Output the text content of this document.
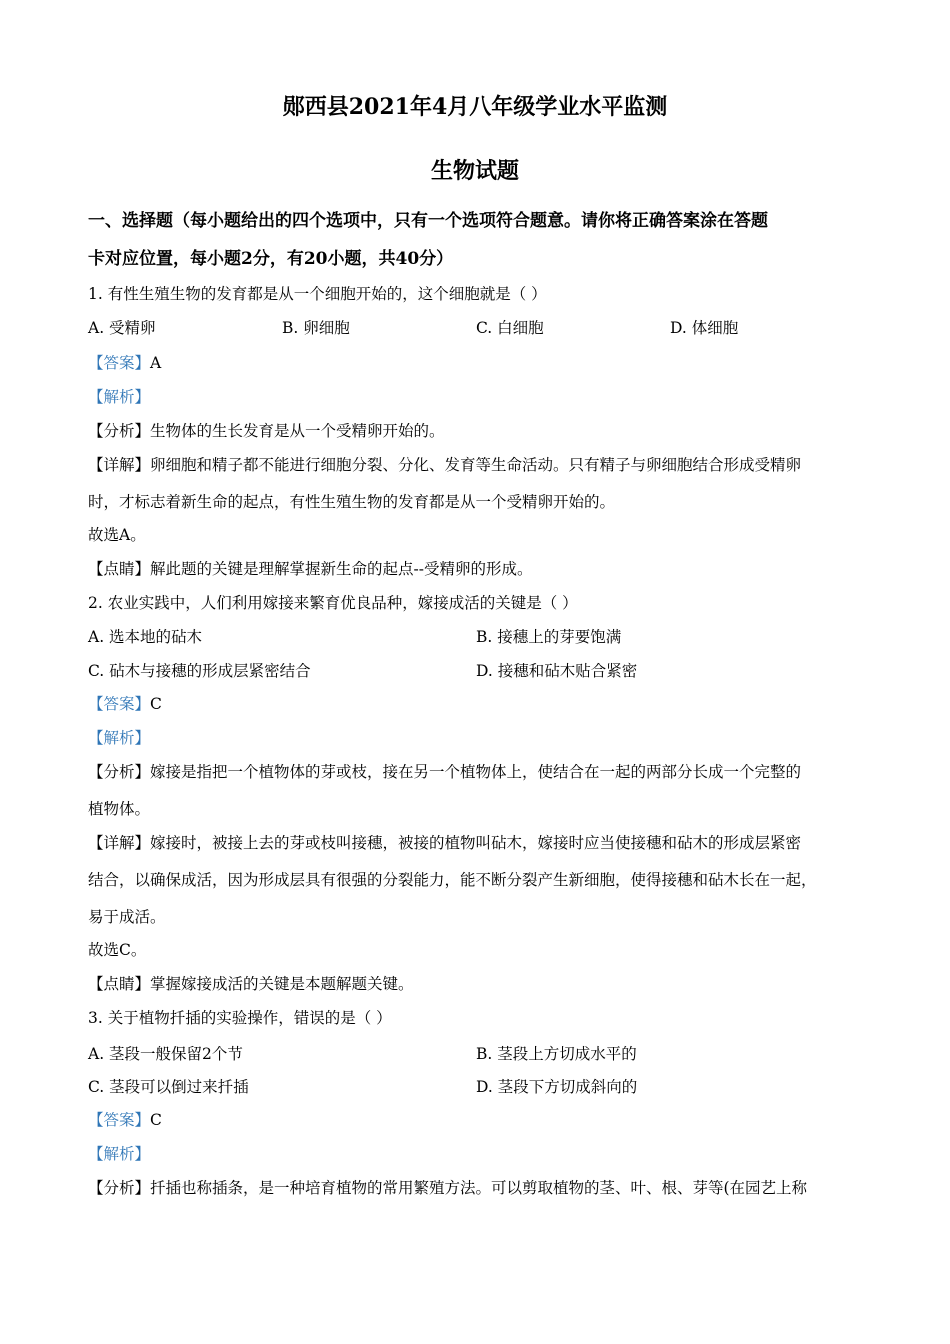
郧西县2021年4月八年级学业水平监测
生物试题
一、选择题（每小题给出的四个选项中，只有一个选项符合题意。请你将正确答案涂在答题
卡对应位置，每小题2分，有20小题，共40分）
1. 有性生殖生物的发育都是从一个细胞开始的，这个细胞就是（ ）
A. 受精卵	B. 卵细胞	C. 白细胞	D. 体细胞
【答案】A
【解析】
【分析】生物体的生长发育是从一个受精卵开始的。
【详解】卵细胞和精子都不能进行细胞分裂、分化、发育等生命活动。只有精子与卵细胞结合形成受精卵
时，才标志着新生命的起点，有性生殖生物的发育都是从一个受精卵开始的。
故选A。
【点睛】解此题的关键是理解掌握新生命的起点--受精卵的形成。
2. 农业实践中，人们利用嫁接来繁育优良品种，嫁接成活的关键是（ ）
A. 选本地的砧木	B. 接穗上的芽要饱满
C. 砧木与接穗的形成层紧密结合	D. 接穗和砧木贴合紧密
【答案】C
【解析】
【分析】嫁接是指把一个植物体的芽或枝，接在另一个植物体上，使结合在一起的两部分长成一个完整的
植物体。
【详解】嫁接时，被接上去的芽或枝叫接穗，被接的植物叫砧木，嫁接时应当使接穗和砧木的形成层紧密
结合，以确保成活，因为形成层具有很强的分裂能力，能不断分裂产生新细胞，使得接穗和砧木长在一起，
易于成活。
故选C。
【点睛】掌握嫁接成活的关键是本题解题关键。
3. 关于植物扦插的实验操作，错误的是（ ）
A. 茎段一般保留2个节	B. 茎段上方切成水平的
C. 茎段可以倒过来扦插	D. 茎段下方切成斜向的
【答案】C
【解析】
【分析】扦插也称插条，是一种培育植物的常用繁殖方法。可以剪取植物的茎、叶、根、芽等(在园艺上称
